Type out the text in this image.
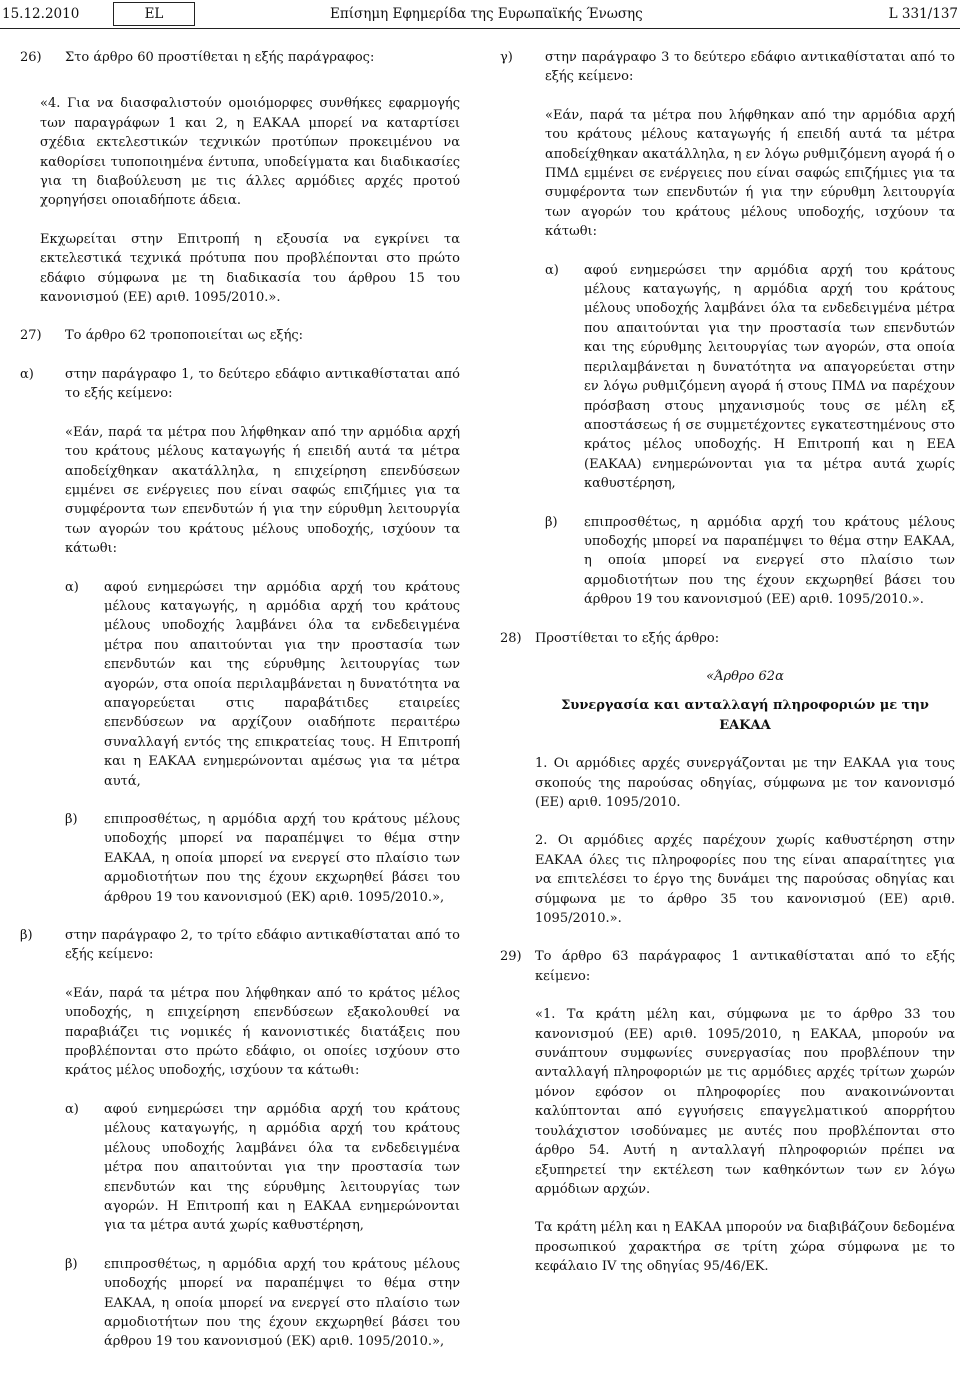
15.12.2010	EL	Επίσημη Εφημερίδα της Ευρωπαϊκής Ένωσης	L 331/137
26) Στο άρθρο 60 προστίθεται η εξής παράγραφος:

«4. Για να διασφαλιστούν ομοιόμορφες συνθήκες εφαρμογής των παραγράφων 1 και 2, η ΕΑΚΑΑ μπορεί να καταρτίσει σχέδια εκτελεστικών τεχνικών προτύπων προκειμένου να καθορίσει τυποποιημένα έντυπα, υποδείγματα και διαδικασίες για τη διαβούλευση με τις άλλες αρμόδιες αρχές προτού χορηγήσει οποιαδήποτε άδεια.

Εκχωρείται στην Επιτροπή η εξουσία να εγκρίνει τα εκτελεστικά τεχνικά πρότυπα που προβλέπονται στο πρώτο εδάφιο σύμφωνα με τη διαδικασία του άρθρου 15 του κανονισμού (ΕΕ) αριθ. 1095/2010.».

27) Το άρθρο 62 τροποποιείται ως εξής:

α) στην παράγραφο 1, το δεύτερο εδάφιο αντικαθίσταται από το εξής κείμενο:

«Εάν, παρά τα μέτρα που λήφθηκαν από την αρμόδια αρχή του κράτους μέλους καταγωγής ή επειδή αυτά τα μέτρα αποδείχθηκαν ακατάλληλα, η επιχείρηση επενδύσεων εμμένει σε ενέργειες που είναι σαφώς επιζήμιες για τα συμφέροντα των επενδυτών ή για την εύρυθμη λειτουργία των αγορών του κράτους μέλους υποδοχής, ισχύουν τα κάτωθι:

α) αφού ενημερώσει την αρμόδια αρχή του κράτους μέλους καταγωγής, η αρμόδια αρχή του κράτους μέλους υποδοχής λαμβάνει όλα τα ενδεδειγμένα μέτρα που απαιτούνται για την προστασία των επενδυτών και της εύρυθμης λειτουργίας των αγορών, στα οποία περιλαμβάνεται η δυνατότητα να απαγορεύεται στις παραβάτιδες εταιρείες επενδύσεων να αρχίζουν οιαδήποτε περαιτέρω συναλλαγή εντός της επικρατείας τους. Η Επιτροπή και η ΕΑΚΑΑ ενημερώνονται αμέσως για τα μέτρα αυτά,

β) επιπροσθέτως, η αρμόδια αρχή του κράτους μέλους υποδοχής μπορεί να παραπέμψει το θέμα στην ΕΑΚΑΑ, η οποία μπορεί να ενεργεί στο πλαίσιο των αρμοδιοτήτων που της έχουν εκχωρηθεί βάσει του άρθρου 19 του κανονισμού (ΕΚ) αριθ. 1095/2010.»,

β) στην παράγραφο 2, το τρίτο εδάφιο αντικαθίσταται από το εξής κείμενο:

«Εάν, παρά τα μέτρα που λήφθηκαν από το κράτος μέλος υποδοχής, η επιχείρηση επενδύσεων εξακολουθεί να παραβιάζει τις νομικές ή κανονιστικές διατάξεις που προβλέπονται στο πρώτο εδάφιο, οι οποίες ισχύουν στο κράτος μέλος υποδοχής, ισχύουν τα κάτωθι:

α) αφού ενημερώσει την αρμόδια αρχή του κράτους μέλους καταγωγής, η αρμόδια αρχή του κράτους μέλους υποδοχής λαμβάνει όλα τα ενδεδειγμένα μέτρα που απαιτούνται για την προστασία των επενδυτών και της εύρυθμης λειτουργίας των αγορών. Η Επιτροπή και η ΕΑΚΑΑ ενημερώνονται για τα μέτρα αυτά χωρίς καθυστέρηση,

β) επιπροσθέτως, η αρμόδια αρχή του κράτους μέλους υποδοχής μπορεί να παραπέμψει το θέμα στην ΕΑΚΑΑ, η οποία μπορεί να ενεργεί στο πλαίσιο των αρμοδιοτήτων που της έχουν εκχωρηθεί βάσει του άρθρου 19 του κανονισμού (ΕΚ) αριθ. 1095/2010.»,

γ) στην παράγραφο 3 το δεύτερο εδάφιο αντικαθίσταται από το εξής κείμενο:

«Εάν, παρά τα μέτρα που λήφθηκαν από την αρμόδια αρχή του κράτους μέλους καταγωγής ή επειδή αυτά τα μέτρα αποδείχθηκαν ακατάλληλα, η εν λόγω ρυθμιζόμενη αγορά ή ο ΠΜΔ εμμένει σε ενέργειες που είναι σαφώς επιζήμιες για τα συμφέροντα των επενδυτών ή για την εύρυθμη λειτουργία των αγορών του κράτους μέλους υποδοχής, ισχύουν τα κάτωθι:

α) αφού ενημερώσει την αρμόδια αρχή του κράτους μέλους καταγωγής, η αρμόδια αρχή του κράτους μέλους υποδοχής λαμβάνει όλα τα ενδεδειγμένα μέτρα που απαιτούνται για την προστασία των επενδυτών και της εύρυθμης λειτουργίας των αγορών, στα οποία περιλαμβάνεται η δυνατότητα να απαγορεύεται στην εν λόγω ρυθμιζόμενη αγορά ή στους ΠΜΔ να παρέχουν πρόσβαση στους μηχανισμούς τους σε μέλη εξ αποστάσεως ή σε συμμετέχοντες εγκατεστημένους στο κράτος μέλος υποδοχής. Η Επιτροπή και η ΕΕΑ (ΕΑΚΑΑ) ενημερώνονται για τα μέτρα αυτά χωρίς καθυστέρηση,

β) επιπροσθέτως, η αρμόδια αρχή του κράτους μέλους υποδοχής μπορεί να παραπέμψει το θέμα στην ΕΑΚΑΑ, η οποία μπορεί να ενεργεί στο πλαίσιο των αρμοδιοτήτων που της έχουν εκχωρηθεί βάσει του άρθρου 19 του κανονισμού (ΕΕ) αριθ. 1095/2010.».

28) Προστίθεται το εξής άρθρο:

«Άρθρο 62α

Συνεργασία και ανταλλαγή πληροφοριών με την ΕΑΚΑΑ

1. Οι αρμόδιες αρχές συνεργάζονται με την ΕΑΚΑΑ για τους σκοπούς της παρούσας οδηγίας, σύμφωνα με τον κανονισμό (ΕΕ) αριθ. 1095/2010.

2. Οι αρμόδιες αρχές παρέχουν χωρίς καθυστέρηση στην ΕΑΚΑΑ όλες τις πληροφορίες που της είναι απαραίτητες για να επιτελέσει το έργο της δυνάμει της παρούσας οδηγίας και σύμφωνα με το άρθρο 35 του κανονισμού (ΕΕ) αριθ. 1095/2010.».

29) Το άρθρο 63 παράγραφος 1 αντικαθίσταται από το εξής κείμενο:

«1. Τα κράτη μέλη και, σύμφωνα με το άρθρο 33 του κανονισμού (ΕΕ) αριθ. 1095/2010, η ΕΑΚΑΑ, μπορούν να συνάπτουν συμφωνίες συνεργασίας που προβλέπουν την ανταλλαγή πληροφοριών με τις αρμόδιες αρχές τρίτων χωρών μόνον εφόσον οι πληροφορίες που ανακοινώνονται καλύπτονται από εγγυήσεις επαγγελματικού απορρήτου τουλάχιστον ισοδύναμες με αυτές που προβλέπονται στο άρθρο 54. Αυτή η ανταλλαγή πληροφοριών πρέπει να εξυπηρετεί την εκτέλεση των καθηκόντων των εν λόγω αρμόδιων αρχών.

Τα κράτη μέλη και η ΕΑΚΑΑ μπορούν να διαβιβάζουν δεδομένα προσωπικού χαρακτήρα σε τρίτη χώρα σύμφωνα με το κεφάλαιο IV της οδηγίας 95/46/ΕΚ.
